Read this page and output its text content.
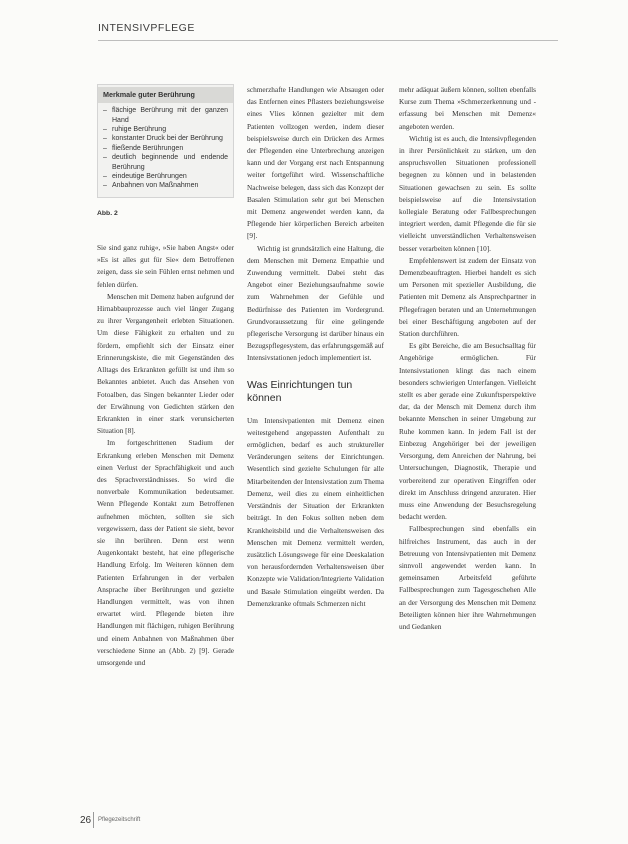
INTENSIVPFLEGE
Merkmale guter Berührung
– flächige Berührung mit der ganzen Hand
– ruhige Berührung
– konstanter Druck bei der Berührung
– fließende Berührungen
– deutlich beginnende und endende Berührung
– eindeutige Berührungen
– Anbahnen von Maßnahmen
Abb. 2

Sie sind ganz ruhig«, »Sie haben Angst« oder »Es ist alles gut für Sie« dem Betroffenen zeigen, dass sie sein Fühlen ernst nehmen und fehlen dürfen.

Menschen mit Demenz haben aufgrund der Hirnabbauprozesse auch viel länger Zugang zu ihrer Vergangenheit erlebten Situationen. Um diese Fähigkeit zu erhalten und zu fördern, empfiehlt sich der Einsatz einer Erinnerungskiste, die mit Gegenständen des Alltags des Erkrankten gefüllt ist und ihm so Bekanntes anbietet. Auch das Ansehen von Fotoalben, das Singen bekannter Lieder oder der Erwähnung von Gedichten stärken den Erkrankten in einer stark verunsicherten Situation [8].

Im fortgeschrittenen Stadium der Erkrankung erleben Menschen mit Demenz einen Verlust der Sprachfähigkeit und auch des Sprachverständnisses. So wird die nonverbale Kommunikation bedeutsamer. Wenn Pflegende Kontakt zum Betroffenen aufnehmen möchten, sollten sie sich vergewissern, dass der Patient sie sieht, bevor sie ihn berühren. Denn erst wenn Augenkontakt besteht, hat eine pflegerische Handlung Erfolg. Im Weiteren können dem Patienten Erfahrungen in der verbalen Ansprache über Berührungen und gezielte Handlungen vermittelt, was von ihnen erwartet wird. Pflegende bieten ihre Handlungen mit flächigen, ruhigen Berührung und einem Anbahnen von Maßnahmen über verschiedene Sinne an (Abb. 2) [9]. Gerade umsorgende und

schmerzhafte Handlungen wie Absaugen oder das Entfernen eines Pflasters beziehungsweise eines Vlies können gezielter mit dem Patienten vollzogen werden, indem dieser beispielsweise durch ein Drücken des Armes der Pflegenden eine Unterbrechung anzeigen kann und der Vorgang erst nach Entspannung weiter fortgeführt wird. Wissenschaftliche Nachweise belegen, dass sich das Konzept der Basalen Stimulation sehr gut bei Menschen mit Demenz angewendet werden kann, da Pflegende hier körperlichen Bereich arbeiten [9].

Wichtig ist grundsätzlich eine Haltung, die dem Menschen mit Demenz Empathie und Zuwendung vermittelt. Dabei steht das Angebot einer Beziehungsaufnahme sowie zum Wahrnehmen der Gefühle und Bedürfnisse des Patienten im Vordergrund. Grundvoraussetzung für eine gelingende pflegerische Versorgung ist darüber hinaus ein Bezugspflegesystem, das erfahrungsgemäß auf Intensivstationen jedoch implementiert ist.

Was Einrichtungen tun können

Um Intensivpatienten mit Demenz einen weitestgehend angepassten Aufenthalt zu ermöglichen, bedarf es auch struktureller Veränderungen seitens der Einrichtungen. Wesentlich sind gezielte Schulungen für alle Mitarbeitenden der Intensivstation zum Thema Demenz, weil dies zu einem einheitlichen Verständnis der Situation der Erkrankten beiträgt. In den Fokus sollten neben dem Krankheitsbild und die Verhaltensweisen des Menschen mit Demenz vermittelt werden, zusätzlich Lösungswege für eine Deeskalation von herausfordernden Verhaltensweisen über Konzepte wie Validation/Integrierte Validation und Basale Stimulation eingeübt werden. Da Demenzkranke oftmals Schmerzen nicht

mehr adäquat äußern können, sollten ebenfalls Kurse zum Thema »Schmerzerkennung und -erfassung bei Menschen mit Demenz« angeboten werden.

Wichtig ist es auch, die Intensivpflegenden in ihrer Persönlichkeit zu stärken, um den anspruchsvollen Situationen professionell begegnen zu können und in belastenden Situationen gewachsen zu sein. Es sollte beispielsweise auf die Intensivstation kollegiale Beratung oder Fallbesprechungen integriert werden, damit Pflegende die für sie vielleicht unverständlichen Verhaltensweisen besser verarbeiten können [10].

Empfehlenswert ist zudem der Einsatz von Demenzbeauftragten. Hierbei handelt es sich um Personen mit spezieller Ausbildung, die Patienten mit Demenz als Ansprechpartner in Pflegefragen beraten und an Unternehmungen bei einer Beschäftigung angeboten auf der Station durchführen.

Es gibt Bereiche, die am Besuchsalltag für Angehörige ermöglichen. Für Intensivstationen klingt das nach einem besonders schwierigen Unterfangen. Vielleicht stellt es aber gerade eine Zukunftsperspektive dar, da der Mensch mit Demenz durch ihm bekannte Menschen in seiner Umgebung zur Ruhe kommen kann. In jedem Fall ist der Einbezug Angehöriger bei der jeweiligen Versorgung, dem Anreichen der Nahrung, bei Untersuchungen, Diagnostik, Therapie und vorbereitend zur operativen Eingriffen oder direkt im Anschluss dringend anzuraten. Hier muss eine Anwendung der Besuchsregelung bedacht werden.

Fallbesprechungen sind ebenfalls ein hilfreiches Instrument, das auch in der Betreuung von Intensivpatienten mit Demenz sinnvoll angewendet werden kann. In gemeinsamen Arbeitsfeld geführte Fallbesprechungen zum Tagesgeschehen Alle an der Versorgung des Menschen mit Demenz Beteiligten können hier ihre Wahrnehmungen und Gedanken

26 Pflegezeitschrift
